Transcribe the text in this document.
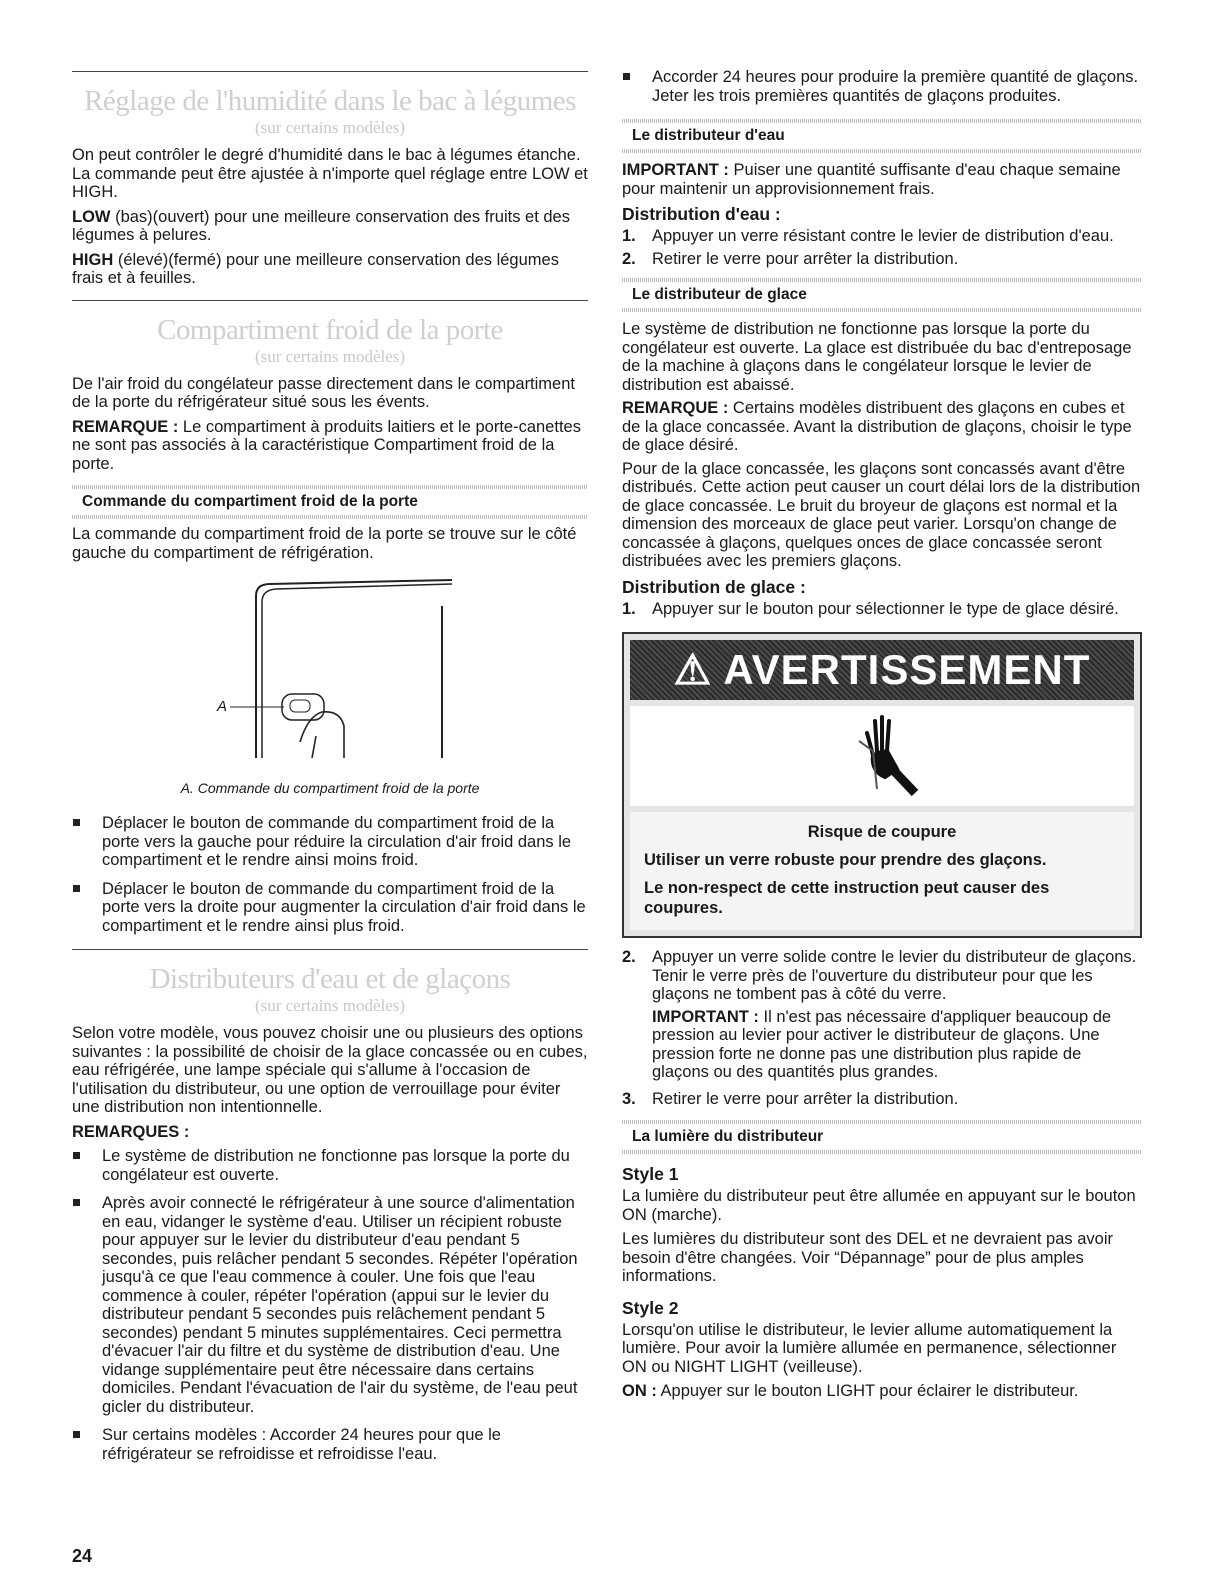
Réglage de l'humidité dans le bac à légumes
(sur certains modèles)

On peut contrôler le degré d'humidité dans le bac à légumes étanche. La commande peut être ajustée à n'importe quel réglage entre LOW et HIGH.

LOW (bas)(ouvert) pour une meilleure conservation des fruits et des légumes à pelures.

HIGH (élevé)(fermé) pour une meilleure conservation des légumes frais et à feuilles.

Compartiment froid de la porte
(sur certains modèles)

De l'air froid du congélateur passe directement dans le compartiment de la porte du réfrigérateur situé sous les évents.

REMARQUE : Le compartiment à produits laitiers et le porte-canettes ne sont pas associés à la caractéristique Compartiment froid de la porte.

Commande du compartiment froid de la porte

La commande du compartiment froid de la porte se trouve sur le côté gauche du compartiment de réfrigération.

A
A. Commande du compartiment froid de la porte

Déplacer le bouton de commande du compartiment froid de la porte vers la gauche pour réduire la circulation d'air froid dans le compartiment et le rendre ainsi moins froid.

Déplacer le bouton de commande du compartiment froid de la porte vers la droite pour augmenter la circulation d'air froid dans le compartiment et le rendre ainsi plus froid.

Distributeurs d'eau et de glaçons
(sur certains modèles)

Selon votre modèle, vous pouvez choisir une ou plusieurs des options suivantes : la possibilité de choisir de la glace concassée ou en cubes, eau réfrigérée, une lampe spéciale qui s'allume à l'occasion de l'utilisation du distributeur, ou une option de verrouillage pour éviter une distribution non intentionnelle.

REMARQUES :

Le système de distribution ne fonctionne pas lorsque la porte du congélateur est ouverte.

Après avoir connecté le réfrigérateur à une source d'alimentation en eau, vidanger le système d'eau. Utiliser un récipient robuste pour appuyer sur le levier du distributeur d'eau pendant 5 secondes, puis relâcher pendant 5 secondes. Répéter l'opération jusqu'à ce que l'eau commence à couler. Une fois que l'eau commence à couler, répéter l'opération (appui sur le levier du distributeur pendant 5 secondes puis relâchement pendant 5 secondes) pendant 5 minutes supplémentaires. Ceci permettra d'évacuer l'air du filtre et du système de distribution d'eau. Une vidange supplémentaire peut être nécessaire dans certains domiciles. Pendant l'évacuation de l'air du système, de l'eau peut gicler du distributeur.

Sur certains modèles : Accorder 24 heures pour que le réfrigérateur se refroidisse et refroidisse l'eau.

24

Accorder 24 heures pour produire la première quantité de glaçons. Jeter les trois premières quantités de glaçons produites.

Le distributeur d'eau

IMPORTANT : Puiser une quantité suffisante d'eau chaque semaine pour maintenir un approvisionnement frais.

Distribution d'eau :

1. Appuyer un verre résistant contre le levier de distribution d'eau.

2. Retirer le verre pour arrêter la distribution.

Le distributeur de glace

Le système de distribution ne fonctionne pas lorsque la porte du congélateur est ouverte. La glace est distribuée du bac d'entreposage de la machine à glaçons dans le congélateur lorsque le levier de distribution est abaissé.

REMARQUE : Certains modèles distribuent des glaçons en cubes et de la glace concassée. Avant la distribution de glaçons, choisir le type de glace désiré.

Pour de la glace concassée, les glaçons sont concassés avant d'être distribués. Cette action peut causer un court délai lors de la distribution de glace concassée. Le bruit du broyeur de glaçons est normal et la dimension des morceaux de glace peut varier. Lorsqu'on change de concassée à glaçons, quelques onces de glace concassée seront distribuées avec les premiers glaçons.

Distribution de glace :

1. Appuyer sur le bouton pour sélectionner le type de glace désiré.

⚠ AVERTISSEMENT

Risque de coupure

Utiliser un verre robuste pour prendre des glaçons.

Le non-respect de cette instruction peut causer des coupures.

2. Appuyer un verre solide contre le levier du distributeur de glaçons. Tenir le verre près de l'ouverture du distributeur pour que les glaçons ne tombent pas à côté du verre.

IMPORTANT : Il n'est pas nécessaire d'appliquer beaucoup de pression au levier pour activer le distributeur de glaçons. Une pression forte ne donne pas une distribution plus rapide de glaçons ou des quantités plus grandes.

3. Retirer le verre pour arrêter la distribution.

La lumière du distributeur
Style 1

La lumière du distributeur peut être allumée en appuyant sur le bouton ON (marche).

Les lumières du distributeur sont des DEL et ne devraient pas avoir besoin d'être changées. Voir “Dépannage” pour de plus amples informations.

Style 2

Lorsqu'on utilise le distributeur, le levier allume automatiquement la lumière. Pour avoir la lumière allumée en permanence, sélectionner ON ou NIGHT LIGHT (veilleuse).

ON : Appuyer sur le bouton LIGHT pour éclairer le distributeur.
